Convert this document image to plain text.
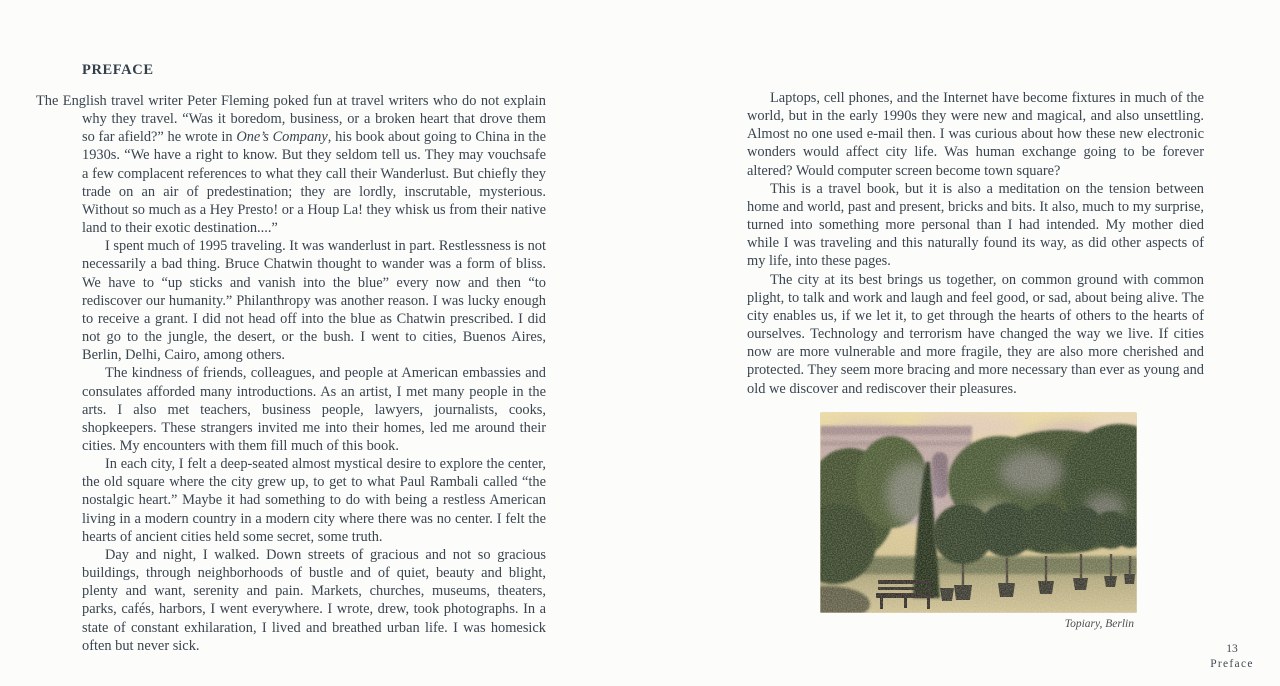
PREFACE

The English travel writer Peter Fleming poked fun at travel writers who do not explain why they travel. “Was it boredom, business, or a broken heart that drove them so far afield?” he wrote in One’s Company, his book about going to China in the 1930s. “We have a right to know. But they seldom tell us. They may vouchsafe a few complacent references to what they call their Wanderlust. But chiefly they trade on an air of predestination; they are lordly, inscrutable, mysterious. Without so much as a Hey Presto! or a Houp La! they whisk us from their native land to their exotic destination....”

I spent much of 1995 traveling. It was wanderlust in part. Restlessness is not necessarily a bad thing. Bruce Chatwin thought to wander was a form of bliss. We have to “up sticks and vanish into the blue” every now and then “to rediscover our humanity.” Philanthropy was another reason. I was lucky enough to receive a grant. I did not head off into the blue as Chatwin prescribed. I did not go to the jungle, the desert, or the bush. I went to cities, Buenos Aires, Berlin, Delhi, Cairo, among others.

The kindness of friends, colleagues, and people at American embassies and consulates afforded many introductions. As an artist, I met many people in the arts. I also met teachers, business people, lawyers, journalists, cooks, shopkeepers. These strangers invited me into their homes, led me around their cities. My encounters with them fill much of this book.

In each city, I felt a deep-seated almost mystical desire to explore the center, the old square where the city grew up, to get to what Paul Rambali called “the nostalgic heart.” Maybe it had something to do with being a restless American living in a modern country in a modern city where there was no center. I felt the hearts of ancient cities held some secret, some truth.

Day and night, I walked. Down streets of gracious and not so gracious buildings, through neighborhoods of bustle and of quiet, beauty and blight, plenty and want, serenity and pain. Markets, churches, museums, theaters, parks, cafés, harbors, I went everywhere. I wrote, drew, took photographs. In a state of constant exhilaration, I lived and breathed urban life. I was homesick often but never sick.

Laptops, cell phones, and the Internet have become fixtures in much of the world, but in the early 1990s they were new and magical, and also unsettling. Almost no one used e-mail then. I was curious about how these new electronic wonders would affect city life. Was human exchange going to be forever altered? Would computer screen become town square?

This is a travel book, but it is also a meditation on the tension between home and world, past and present, bricks and bits. It also, much to my surprise, turned into something more personal than I had intended. My mother died while I was traveling and this naturally found its way, as did other aspects of my life, into these pages.

The city at its best brings us together, on common ground with common plight, to talk and work and laugh and feel good, or sad, about being alive. The city enables us, if we let it, to get through the hearts of others to the hearts of ourselves. Technology and terrorism have changed the way we live. If cities now are more vulnerable and more fragile, they are also more cherished and protected. They seem more bracing and more necessary than ever as young and old we discover and rediscover their pleasures.

Topiary, Berlin
13
Preface
